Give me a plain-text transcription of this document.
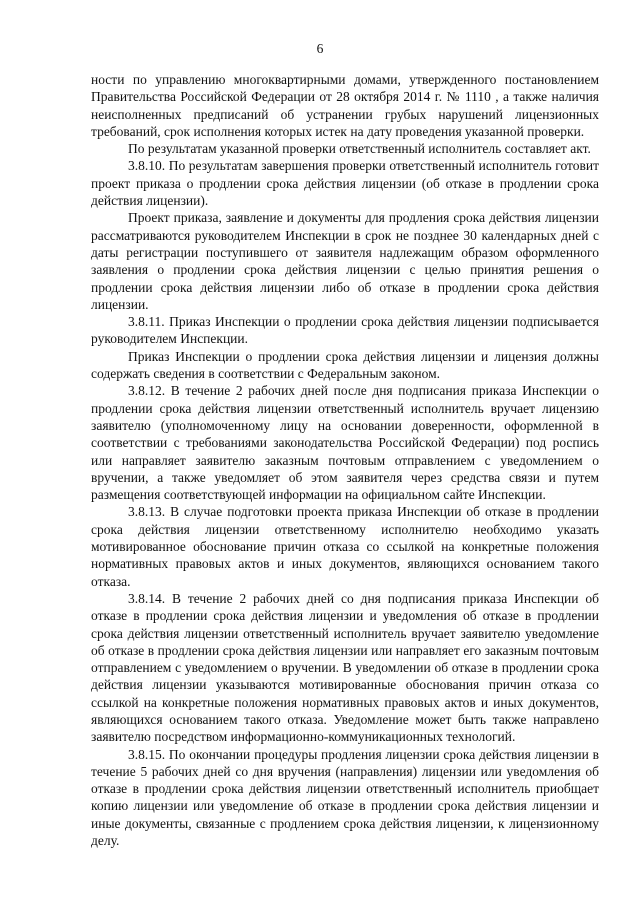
6

ности по управлению многоквартирными домами, утвержденного постановлением Правительства Российской Федерации от 28 октября 2014 г. № 1110 , а также наличия неисполненных предписаний об устранении грубых нарушений лицензионных требований, срок исполнения которых истек на дату проведения указанной проверки.

По результатам указанной проверки ответственный исполнитель составляет акт.

3.8.10. По результатам завершения проверки ответственный исполнитель готовит проект приказа о продлении срока действия лицензии (об отказе в продлении срока действия лицензии).

Проект приказа, заявление и документы для продления срока действия лицензии рассматриваются руководителем Инспекции в срок не позднее 30 календарных дней с даты регистрации поступившего от заявителя надлежащим образом оформленного заявления о продлении срока действия лицензии с целью принятия решения о продлении срока действия лицензии либо об отказе в продлении срока действия лицензии.

3.8.11. Приказ Инспекции о продлении срока действия лицензии подписывается руководителем Инспекции.

Приказ Инспекции о продлении срока действия лицензии и лицензия должны содержать сведения в соответствии с Федеральным законом.

3.8.12. В течение 2 рабочих дней после дня подписания приказа Инспекции о продлении срока действия лицензии ответственный исполнитель вручает лицензию заявителю (уполномоченному лицу на основании доверенности, оформленной в соответствии с требованиями законодательства Российской Федерации) под роспись или направляет заявителю заказным почтовым отправлением с уведомлением о вручении, а также уведомляет об этом заявителя через средства связи и путем размещения соответствующей информации на официальном сайте Инспекции.

3.8.13. В случае подготовки проекта приказа Инспекции об отказе в продлении срока действия лицензии ответственному исполнителю необходимо указать мотивированное обоснование причин отказа со ссылкой на конкретные положения нормативных правовых актов и иных документов, являющихся основанием такого отказа.

3.8.14. В течение 2 рабочих дней со дня подписания приказа Инспекции об отказе в продлении срока действия лицензии и уведомления об отказе в продлении срока действия лицензии ответственный исполнитель вручает заявителю уведомление об отказе в продлении срока действия лицензии или направляет его заказным почтовым отправлением с уведомлением о вручении. В уведомлении об отказе в продлении срока действия лицензии указываются мотивированные обоснования причин отказа со ссылкой на конкретные положения нормативных правовых актов и иных документов, являющихся основанием такого отказа. Уведомление может быть также направлено заявителю посредством информационно-коммуникационных технологий.

3.8.15. По окончании процедуры продления лицензии срока действия лицензии в течение 5 рабочих дней со дня вручения (направления) лицензии или уведомления об отказе в продлении срока действия лицензии ответственный исполнитель приобщает копию лицензии или уведомление об отказе в продлении срока действия лицензии и иные документы, связанные с продлением срока действия лицензии, к лицензионному делу.
